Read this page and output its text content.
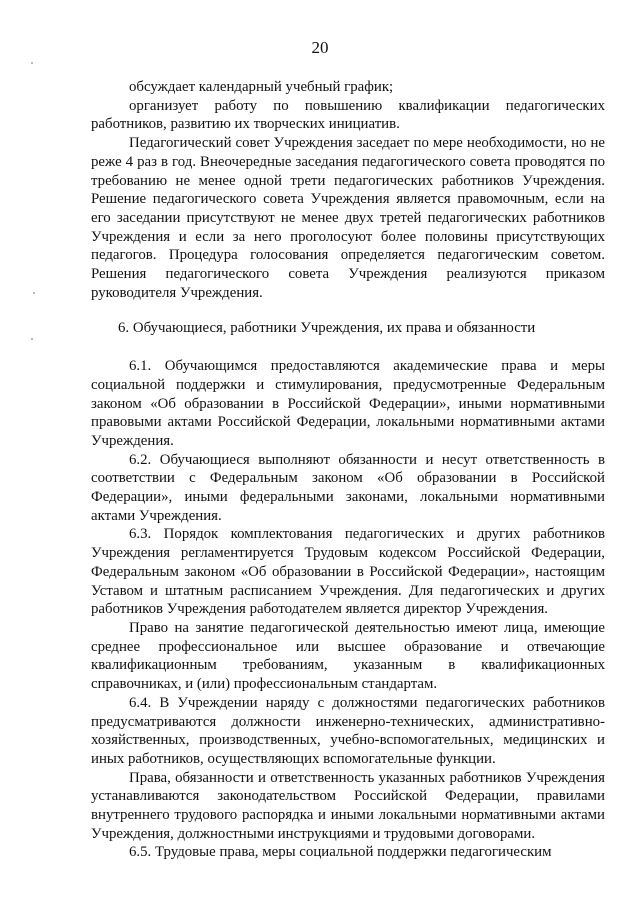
20

обсуждает календарный учебный график;

организует работу по повышению квалификации педагогических работников, развитию их творческих инициатив.

Педагогический совет Учреждения заседает по мере необходимости, но не реже 4 раз в год. Внеочередные заседания педагогического совета проводятся по требованию не менее одной трети педагогических работников Учреждения. Решение педагогического совета Учреждения является правомочным, если на его заседании присутствуют не менее двух третей педагогических работников Учреждения и если за него проголосуют более половины присутствующих педагогов. Процедура голосования определяется педагогическим советом. Решения педагогического совета Учреждения реализуются приказом руководителя Учреждения.

6. Обучающиеся, работники Учреждения, их права и обязанности

6.1. Обучающимся предоставляются академические права и меры социальной поддержки и стимулирования, предусмотренные Федеральным законом «Об образовании в Российской Федерации», иными нормативными правовыми актами Российской Федерации, локальными нормативными актами Учреждения.

6.2. Обучающиеся выполняют обязанности и несут ответственность в соответствии с Федеральным законом «Об образовании в Российской Федерации», иными федеральными законами, локальными нормативными актами Учреждения.

6.3. Порядок комплектования педагогических и других работников Учреждения регламентируется Трудовым кодексом Российской Федерации, Федеральным законом «Об образовании в Российской Федерации», настоящим Уставом и штатным расписанием Учреждения. Для педагогических и других работников Учреждения работодателем является директор Учреждения.

Право на занятие педагогической деятельностью имеют лица, имеющие среднее профессиональное или высшее образование и отвечающие квалификационным требованиям, указанным в квалификационных справочниках, и (или) профессиональным стандартам.

6.4. В Учреждении наряду с должностями педагогических работников предусматриваются должности инженерно-технических, административно-хозяйственных, производственных, учебно-вспомогательных, медицинских и иных работников, осуществляющих вспомогательные функции.

Права, обязанности и ответственность указанных работников Учреждения устанавливаются законодательством Российской Федерации, правилами внутреннего трудового распорядка и иными локальными нормативными актами Учреждения, должностными инструкциями и трудовыми договорами.

6.5. Трудовые права, меры социальной поддержки педагогическим
